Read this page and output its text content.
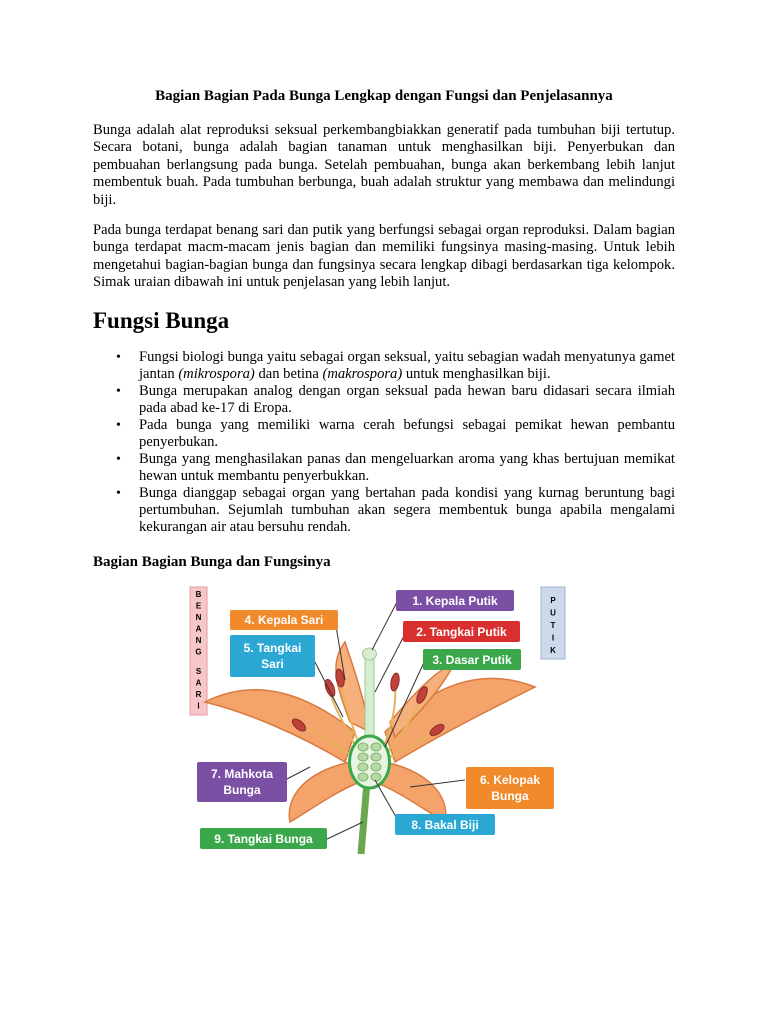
Bagian Bagian Pada Bunga Lengkap dengan Fungsi dan Penjelasannya

Bunga adalah alat reproduksi seksual perkembangbiakkan generatif pada tumbuhan biji tertutup. Secara botani, bunga adalah bagian tanaman untuk menghasilkan biji. Penyerbukan dan pembuahan berlangsung pada bunga. Setelah pembuahan, bunga akan berkembang lebih lanjut membentuk buah. Pada tumbuhan berbunga, buah adalah struktur yang membawa dan melindungi biji.

Pada bunga terdapat benang sari dan putik yang berfungsi sebagai organ reproduksi. Dalam bagian bunga terdapat macm-macam jenis bagian dan memiliki fungsinya masing-masing. Untuk lebih mengetahui bagian-bagian bunga dan fungsinya secara lengkap dibagi berdasarkan tiga kelompok. Simak uraian dibawah ini untuk penjelasan yang lebih lanjut.

Fungsi Bunga
• Fungsi biologi bunga yaitu sebagai organ seksual, yaitu sebagian wadah menyatunya gamet jantan (mikrospora) dan betina (makrospora) untuk menghasilkan biji.
• Bunga merupakan analog dengan organ seksual pada hewan baru didasari secara ilmiah pada abad ke-17 di Eropa.
• Pada bunga yang memiliki warna cerah befungsi sebagai pemikat hewan pembantu penyerbukan.
• Bunga yang menghasilakan panas dan mengeluarkan aroma yang khas bertujuan memikat hewan untuk membantu penyerbukkan.
• Bunga dianggap sebagai organ yang bertahan pada kondisi yang kurnag beruntung bagi pertumbuhan. Sejumlah tumbuhan akan segera membentuk bunga apabila mengalami kekurangan air atau bersuhu rendah.
Bagian Bagian Bunga dan Fungsinya
B
E
N
A
N
G
S
A
R
I
P
U
T
I
K
1. Kepala Putik
2. Tangkai Putik
3. Dasar Putik
4. Kepala Sari
5. Tangkai
Sari
6. Kelopak
Bunga
7. Mahkota
Bunga
8. Bakal Biji
9. Tangkai Bunga
